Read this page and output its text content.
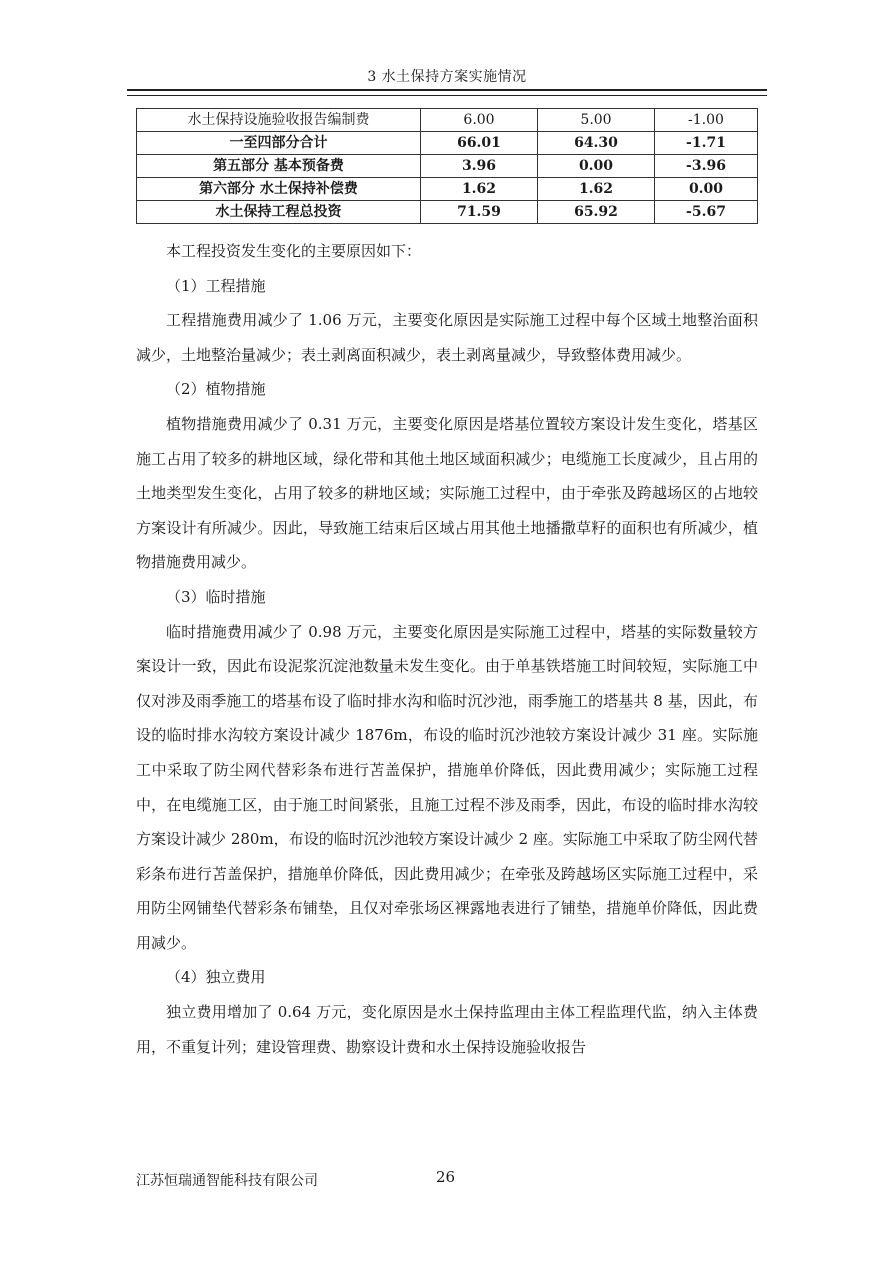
3 水土保持方案实施情况
水土保持设施验收报告编制费	6.00	5.00	-1.00
一至四部分合计	66.01	64.30	-1.71
第五部分 基本预备费	3.96	0.00	-3.96
第六部分 水土保持补偿费	1.62	1.62	0.00
水土保持工程总投资	71.59	65.92	-5.67

本工程投资发生变化的主要原因如下：

（1）工程措施

工程措施费用减少了 1.06 万元，主要变化原因是实际施工过程中每个区域土地整治面积减少，土地整治量减少；表土剥离面积减少，表土剥离量减少，导致整体费用减少。

（2）植物措施

植物措施费用减少了 0.31 万元，主要变化原因是塔基位置较方案设计发生变化，塔基区施工占用了较多的耕地区域，绿化带和其他土地区域面积减少；电缆施工长度减少，且占用的土地类型发生变化，占用了较多的耕地区域；实际施工过程中，由于牵张及跨越场区的占地较方案设计有所减少。因此，导致施工结束后区域占用其他土地播撒草籽的面积也有所减少，植物措施费用减少。

（3）临时措施

临时措施费用减少了 0.98 万元，主要变化原因是实际施工过程中，塔基的实际数量较方案设计一致，因此布设泥浆沉淀池数量未发生变化。由于单基铁塔施工时间较短，实际施工中仅对涉及雨季施工的塔基布设了临时排水沟和临时沉沙池，雨季施工的塔基共 8 基，因此，布设的临时排水沟较方案设计减少 1876m，布设的临时沉沙池较方案设计减少 31 座。实际施工中采取了防尘网代替彩条布进行苫盖保护，措施单价降低，因此费用减少；实际施工过程中，在电缆施工区，由于施工时间紧张，且施工过程不涉及雨季，因此，布设的临时排水沟较方案设计减少 280m，布设的临时沉沙池较方案设计减少 2 座。实际施工中采取了防尘网代替彩条布进行苫盖保护，措施单价降低，因此费用减少；在牵张及跨越场区实际施工过程中，采用防尘网铺垫代替彩条布铺垫，且仅对牵张场区裸露地表进行了铺垫，措施单价降低，因此费用减少。

（4）独立费用

独立费用增加了 0.64 万元，变化原因是水土保持监理由主体工程监理代监，纳入主体费用，不重复计列；建设管理费、勘察设计费和水土保持设施验收报告

江苏恒瑞通智能科技有限公司	26
